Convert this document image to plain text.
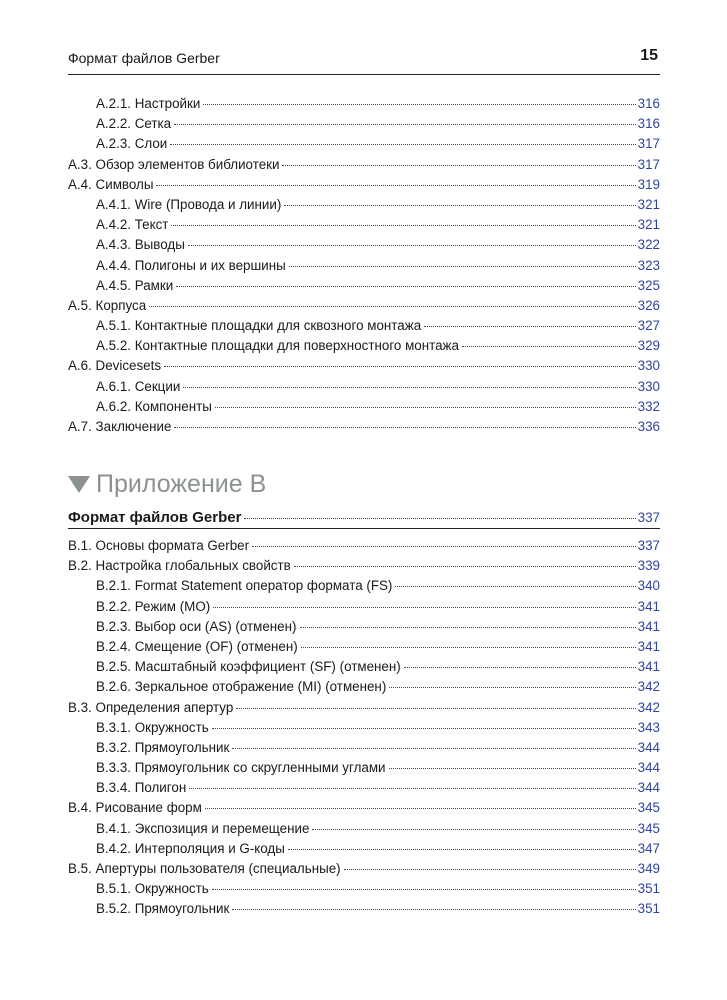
Формат файлов Gerber	15
A.2.1. Настройки	316
A.2.2. Сетка	316
A.2.3. Слои	317
A.3. Обзор элементов библиотеки	317
A.4. Символы	319
A.4.1. Wire (Провода и линии)	321
A.4.2. Текст	321
A.4.3. Выводы	322
A.4.4. Полигоны и их вершины	323
A.4.5. Рамки	325
A.5. Корпуса	326
A.5.1. Контактные площадки для сквозного монтажа	327
A.5.2. Контактные площадки для поверхностного монтажа	329
A.6. Devicesets	330
A.6.1. Секции	330
A.6.2. Компоненты	332
A.7. Заключение	336
Приложение B
Формат файлов Gerber	337
B.1. Основы формата Gerber	337
B.2. Настройка глобальных свойств	339
B.2.1. Format Statement оператор формата (FS)	340
B.2.2. Режим (MO)	341
B.2.3. Выбор оси (AS) (отменен)	341
B.2.4. Смещение (OF) (отменен)	341
B.2.5. Масштабный коэффициент (SF) (отменен)	341
B.2.6. Зеркальное отображение (MI) (отменен)	342
B.3. Определения апертур	342
B.3.1. Окружность	343
B.3.2. Прямоугольник	344
B.3.3. Прямоугольник со скругленными углами	344
B.3.4. Полигон	344
B.4. Рисование форм	345
B.4.1. Экспозиция и перемещение	345
B.4.2. Интерполяция и G-коды	347
B.5. Апертуры пользователя (специальные)	349
B.5.1. Окружность	351
B.5.2. Прямоугольник	351
